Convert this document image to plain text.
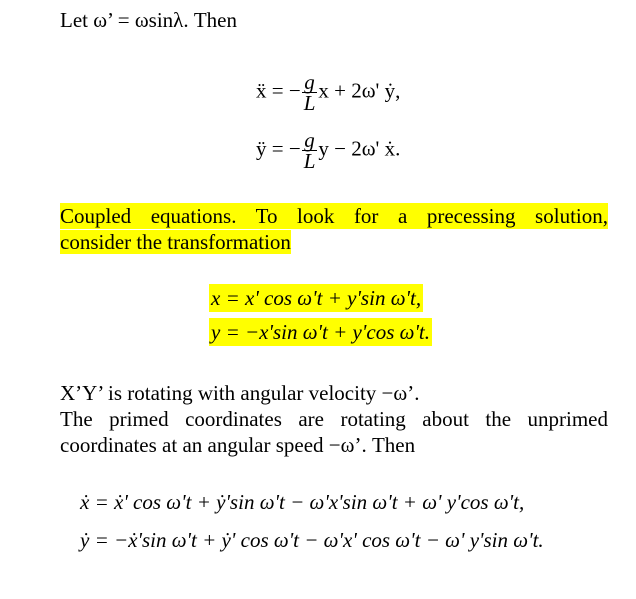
Let ω’ = ωsinλ. Then
ẍ = − $\frac{g}{L}$ x + 2ω' ẏ,
ÿ = − $\frac{g}{L}$ y − 2ω' ẋ.
Coupled equations. To look for a precessing solution,
consider the transformation
x = x' cos ω't + y'sin ω't,
y = −x'sin ω't + y'cos ω't.
X’Y’ is rotating with angular velocity −ω’.
The primed coordinates are rotating about the unprimed
coordinates at an angular speed −ω’. Then
ẋ = ẋ' cos ω't + ẏ'sin ω't − ω'x'sin ω't + ω' y'cos ω't,
ẏ = −ẋ'sin ω't + ẏ' cos ω't − ω'x' cos ω't − ω' y'sin ω't.
